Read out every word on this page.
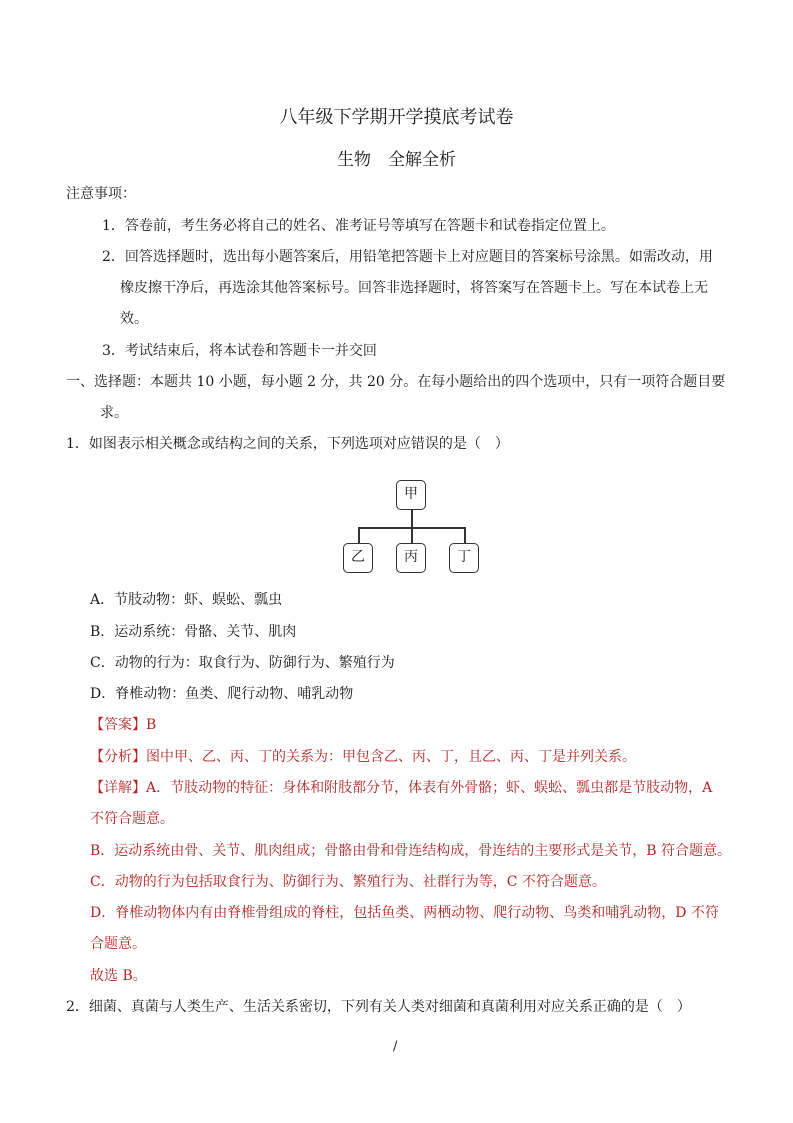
八年级下学期开学摸底考试卷
生物　全解全析
注意事项：
1．答卷前，考生务必将自己的姓名、准考证号等填写在答题卡和试卷指定位置上。
2．回答选择题时，选出每小题答案后，用铅笔把答题卡上对应题目的答案标号涂黑。如需改动，用
橡皮擦干净后，再选涂其他答案标号。回答非选择题时，将答案写在答题卡上。写在本试卷上无
效。
3．考试结束后，将本试卷和答题卡一并交回
一、选择题：本题共 10 小题，每小题 2 分，共 20 分。在每小题给出的四个选项中，只有一项符合题目要
求。
1．如图表示相关概念或结构之间的关系，下列选项对应错误的是（　）
甲
乙	丙	丁
A．节肢动物：虾、蜈蚣、瓢虫
B．运动系统：骨骼、关节、肌肉
C．动物的行为：取食行为、防御行为、繁殖行为
D．脊椎动物：鱼类、爬行动物、哺乳动物
【答案】B
【分析】图中甲、乙、丙、丁的关系为：甲包含乙、丙、丁，且乙、丙、丁是并列关系。
【详解】A．节肢动物的特征：身体和附肢都分节，体表有外骨骼；虾、蜈蚣、瓢虫都是节肢动物，A
不符合题意。
B．运动系统由骨、关节、肌肉组成；骨骼由骨和骨连结构成，骨连结的主要形式是关节，B 符合题意。
C．动物的行为包括取食行为、防御行为、繁殖行为、社群行为等，C 不符合题意。
D．脊椎动物体内有由脊椎骨组成的脊柱，包括鱼类、两栖动物、爬行动物、鸟类和哺乳动物，D 不符
合题意。
故选 B。
2．细菌、真菌与人类生产、生活关系密切，下列有关人类对细菌和真菌利用对应关系正确的是（　）
/
